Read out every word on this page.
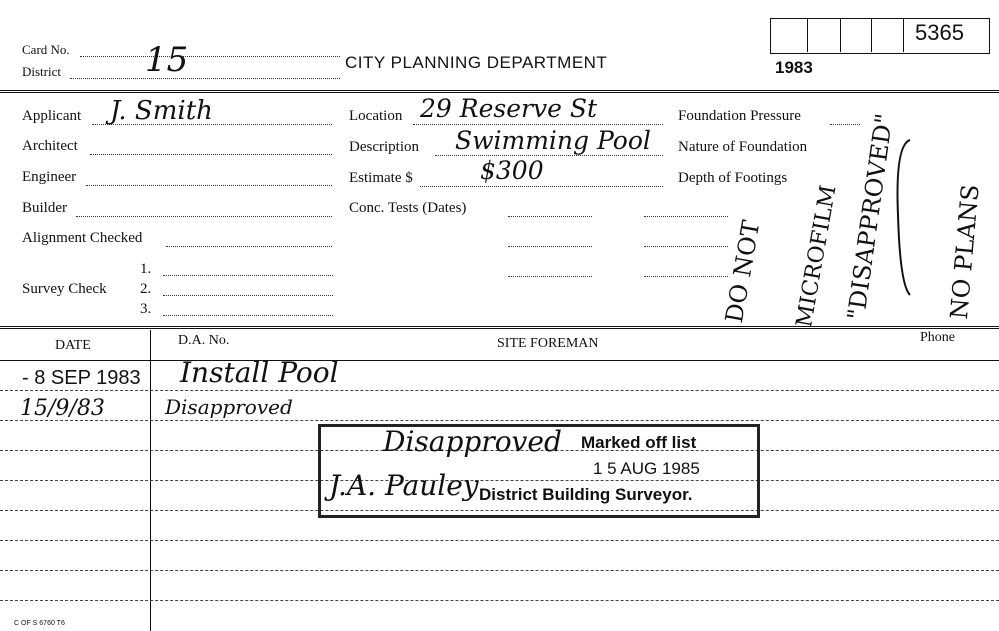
Card No. 15
District	CITY PLANNING DEPARTMENT	1983
5365
Applicant J. Smith
Architect
Engineer
Builder
Alignment Checked
Survey Check
1.
2.
3.
Location 29 Reserve St
Description Swimming Pool
Estimate $	$300
Conc. Tests (Dates)
Foundation Pressure
Nature of Foundation
Depth of Footings
DO NOT MICROFILM "DISAPPROVED" NO PLANS
DATE	D.A. No.	SITE FOREMAN	Phone
- 8 SEP 1983 Install Pool
15/9/83	Disapproved
Disapproved Marked off list
1 5 AUG 1985
J.A. Pauley District Building Surveyor.
C OF S 6760 T6
